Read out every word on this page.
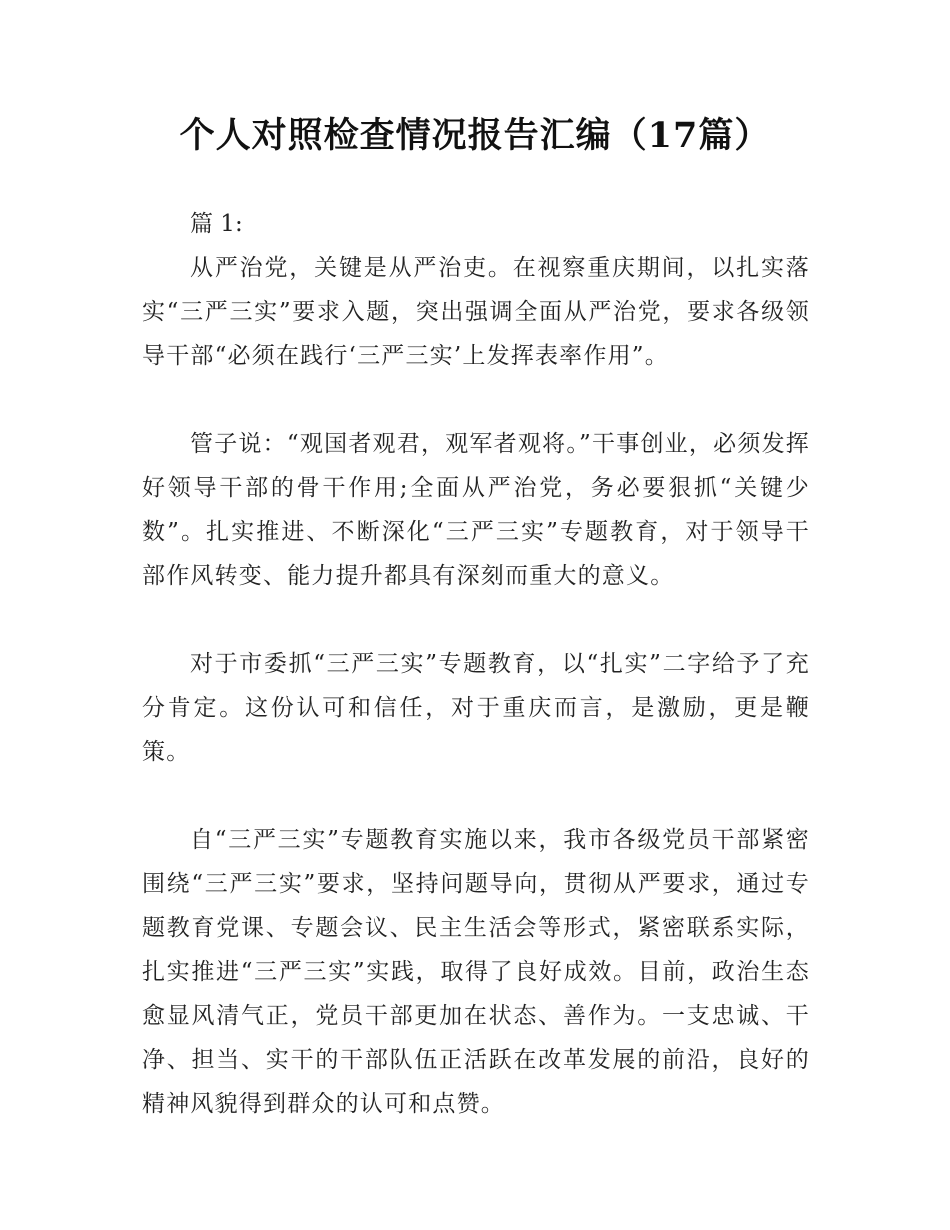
个人对照检查情况报告汇编（17篇）

篇 1:

从严治党，关键是从严治吏。在视察重庆期间，以扎实落实“三严三实”要求入题，突出强调全面从严治党，要求各级领导干部“必须在践行‘三严三实’上发挥表率作用”。

管子说：“观国者观君，观军者观将。”干事创业，必须发挥好领导干部的骨干作用;全面从严治党，务必要狠抓“关键少数”。扎实推进、不断深化“三严三实”专题教育，对于领导干部作风转变、能力提升都具有深刻而重大的意义。

对于市委抓“三严三实”专题教育，以“扎实”二字给予了充分肯定。这份认可和信任，对于重庆而言，是激励，更是鞭策。

自“三严三实”专题教育实施以来，我市各级党员干部紧密围绕“三严三实”要求，坚持问题导向，贯彻从严要求，通过专题教育党课、专题会议、民主生活会等形式，紧密联系实际，扎实推进“三严三实”实践，取得了良好成效。目前，政治生态愈显风清气正，党员干部更加在状态、善作为。一支忠诚、干净、担当、实干的干部队伍正活跃在改革发展的前沿，良好的精神风貌得到群众的认可和点赞。
